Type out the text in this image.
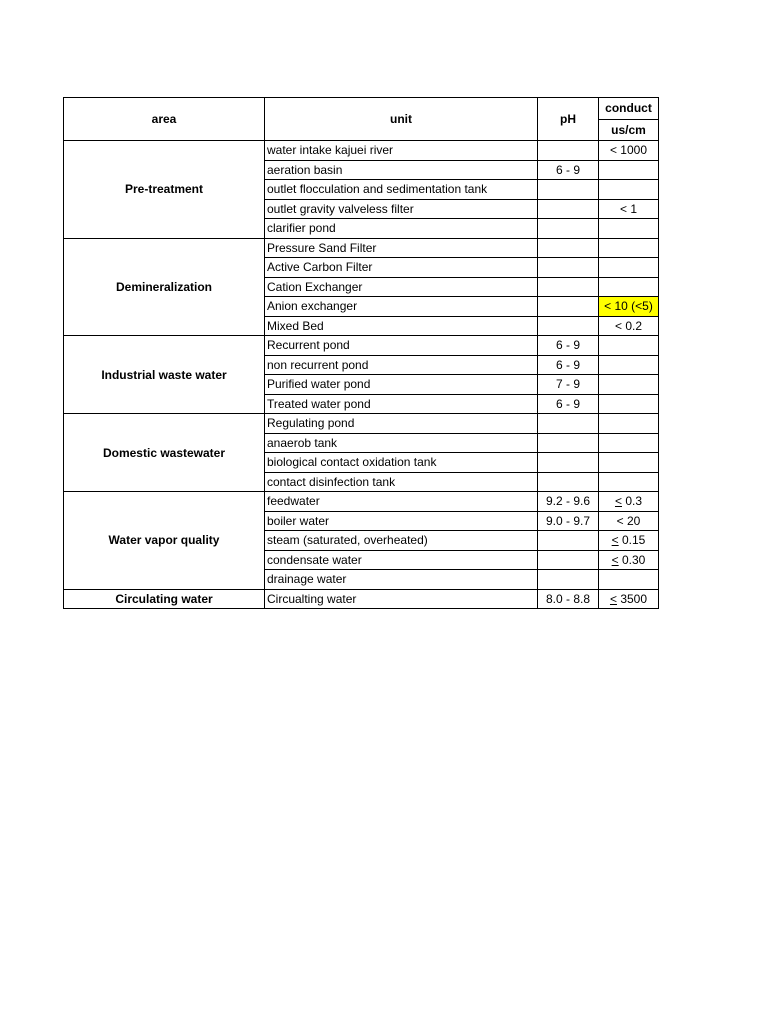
area	unit	pH	conduct
			us/cm
Pre-treatment	water intake kajuei river		< 1000
	aeration basin	6 - 9	
	outlet flocculation and sedimentation tank		
	outlet gravity valveless filter		< 1
	clarifier pond		
Demineralization	Pressure Sand Filter		
	Active Carbon Filter		
	Cation Exchanger		
	Anion exchanger		< 10 (<5)
	Mixed Bed		< 0.2
Industrial waste water	Recurrent pond	6 - 9	
	non recurrent pond	6 - 9	
	Purified water pond	7 - 9	
	Treated water pond	6 - 9	
Domestic wastewater	Regulating pond		
	anaerob tank		
	biological contact oxidation tank		
	contact disinfection tank		
Water vapor quality	feedwater	9.2 - 9.6	≤ 0.3
	boiler water	9.0 - 9.7	< 20
	steam (saturated, overheated)		≤ 0.15
	condensate water		≤ 0.30
	drainage water		
Circulating water	Circualting water	8.0 - 8.8	≤ 3500
